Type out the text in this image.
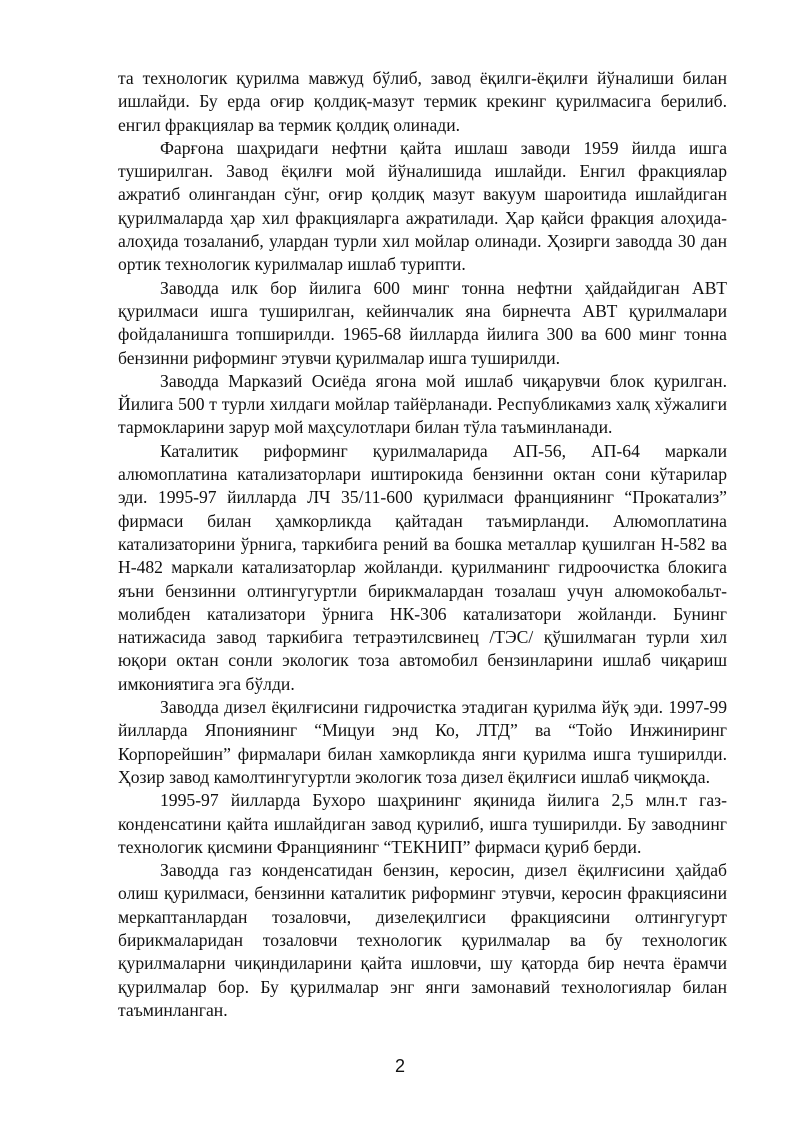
та технологик қурилма мавжуд бўлиб, завод ёқилги-ёқилғи йўналиши билан ишлайди. Бу ерда оғир қолдиқ-мазут термик крекинг қурилмасига берилиб. енгил фракциялар ва термик қолдиқ олинади.

Фарғона шаҳридаги нефтни қайта ишлаш заводи 1959 йилда ишга туширилган. Завод ёқилғи мой йўналишида ишлайди. Енгил фракциялар ажратиб олингандан сўнг, оғир қолдиқ мазут вакуум шароитида ишлайдиган қурилмаларда ҳар хил фракцияларга ажратилади. Ҳар қайси фракция алоҳида-алоҳида тозаланиб, улардан турли хил мойлар олинади. Ҳозирги заводда 30 дан ортик технологик курилмалар ишлаб турипти.

Заводда илк бор йилига 600 минг тонна нефтни ҳайдайдиган АВТ қурилмаси ишга туширилган, кейинчалик яна бирнечта АВТ қурилмалари фойдаланишга топширилди. 1965-68 йилларда йилига 300 ва 600 минг тонна бензинни риформинг этувчи қурилмалар ишга туширилди.

Заводда Марказий Осиёда ягона мой ишлаб чиқарувчи блок қурилган. Йилига 500 т турли хилдаги мойлар тайёрланади. Республикамиз халқ хўжалиги тармокларини зарур мой маҳсулотлари билан тўла таъминланади.

Каталитик риформинг қурилмаларида АП-56, АП-64 маркали алюмоплатина катализаторлари иштирокида бензинни октан сони кўтарилар эди. 1995-97 йилларда ЛЧ 35/11-600 қурилмаси франциянинг “Прокатализ” фирмаси билан ҳамкорликда қайтадан таъмирланди. Алюмоплатина катализаторини ўрнига, таркибига рений ва бошка металлар қушилган Н-582 ва Н-482 маркали катализаторлар жойланди. қурилманинг гидроочистка блокига яъни бензинни олтингугуртли бирикмалардан тозалаш учун алюмокобальт-молибден катализатори ўрнига НК-306 катализатори жойланди. Бунинг натижасида завод таркибига тетраэтилсвинец /ТЭС/ қўшилмаган турли хил юқори октан сонли экологик тоза автомобил бензинларини ишлаб чиқариш имкониятига эга бўлди.

Заводда дизел ёқилғисини гидрочистка этадиган қурилма йўқ эди. 1997-99 йилларда Япониянинг “Мицуи энд Ко, ЛТД” ва “Тойо Инжиниринг Корпорейшин” фирмалари билан хамкорликда янги қурилма ишга туширилди. Ҳозир завод камолтингугуртли экологик тоза дизел ёқилғиси ишлаб чиқмоқда.

1995-97 йилларда Бухоро шаҳрининг яқинида йилига 2,5 млн.т газ-конденсатини қайта ишлайдиган завод қурилиб, ишга туширилди. Бу заводнинг технологик қисмини Франциянинг “ТЕКНИП” фирмаси қуриб берди.

Заводда газ конденсатидан бензин, керосин, дизел ёқилғисини ҳайдаб олиш қурилмаси, бензинни каталитик риформинг этувчи, керосин фракциясини меркаптанлардан тозаловчи, дизелеқилгиси фракциясини олтингугурт бирикмаларидан тозаловчи технологик қурилмалар ва бу технологик қурилмаларни чиқиндиларини қайта ишловчи, шу қаторда бир нечта ёрамчи қурилмалар бор. Бу қурилмалар энг янги замонавий технологиялар билан таъминланган.

2
